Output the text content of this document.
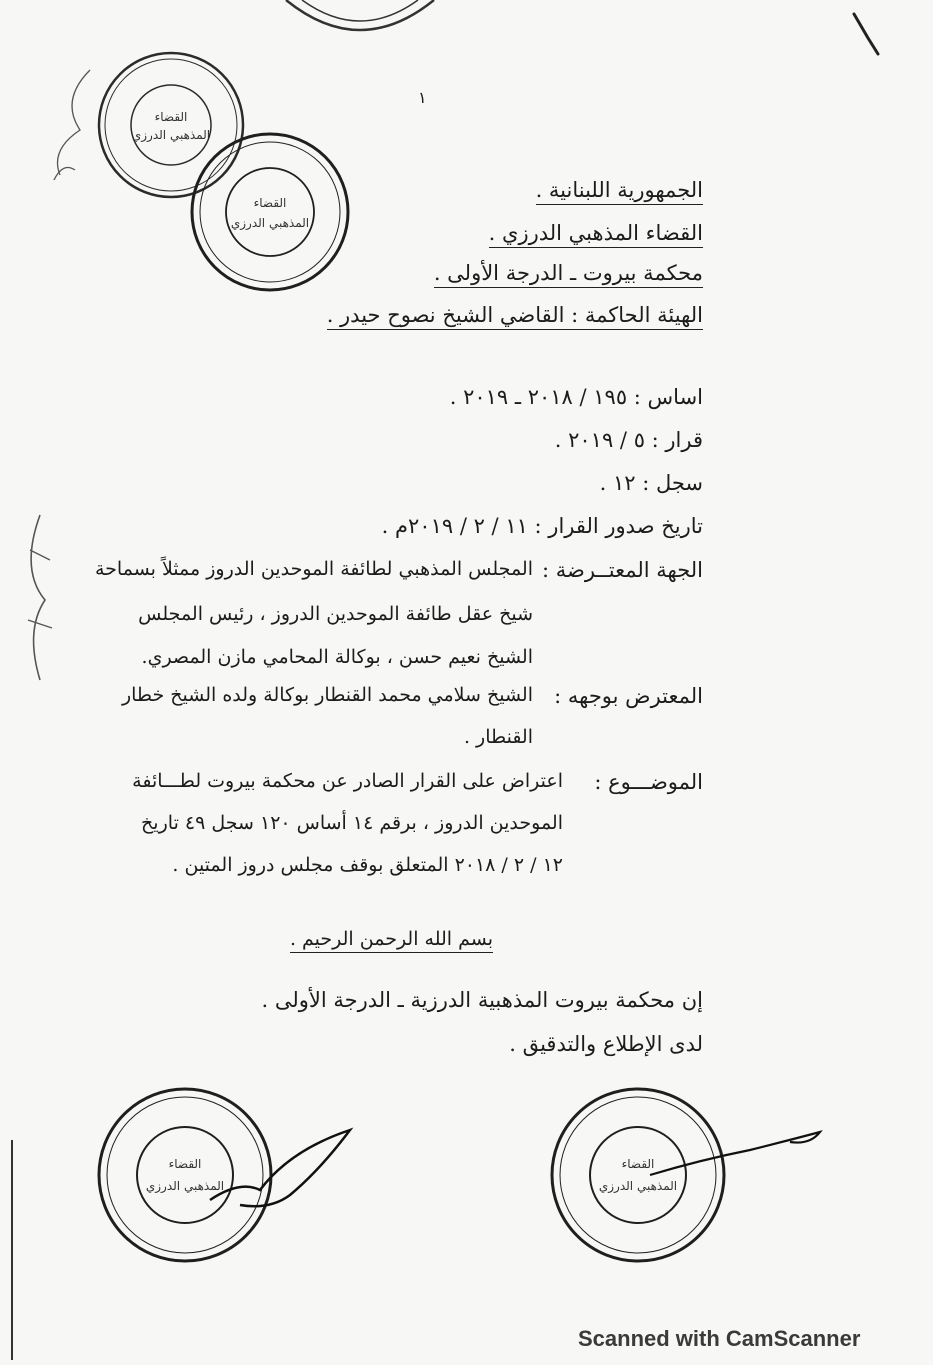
القضاء
المذهبي الدرزي
القضاء
المذهبي الدرزي
القضاء
المذهبي الدرزي
القضاء
المذهبي الدرزي
١
الجمهورية اللبنانية .
القضاء المذهبي الدرزي .
محكمة بيروت ـ الدرجة الأولى .
الهيئة الحاكمة : القاضي الشيخ نصوح حيدر .
اساس : ١٩٥ / ٢٠١٨ ـ ٢٠١٩ .
قرار : ٥ / ٢٠١٩ .
سجل : ١٢ .
تاريخ صدور القرار : ١١ / ٢ / ٢٠١٩م .
الجهة المعتــرضة :
المجلس المذهبي لطائفة الموحدين الدروز ممثلاً بسماحة
شيخ عقل طائفة الموحدين الدروز ، رئيس المجلس
الشيخ نعيم حسن ، بوكالة المحامي مازن المصري.
المعترض بوجهه :
الشيخ سلامي محمد القنطار بوكالة ولده الشيخ خطار
القنطار .
الموضـــوع :
اعتراض على القرار الصادر عن محكمة بيروت لطـــائفة
الموحدين الدروز ، برقم ١٤ أساس ١٢٠ سجل ٤٩ تاريخ
١٢ / ٢ / ٢٠١٨ المتعلق بوقف مجلس دروز المتين .
بسم الله الرحمن الرحيم .
إن محكمة بيروت المذهبية الدرزية ـ الدرجة الأولى .
لدى الإطلاع والتدقيق .
Scanned with CamScanner
